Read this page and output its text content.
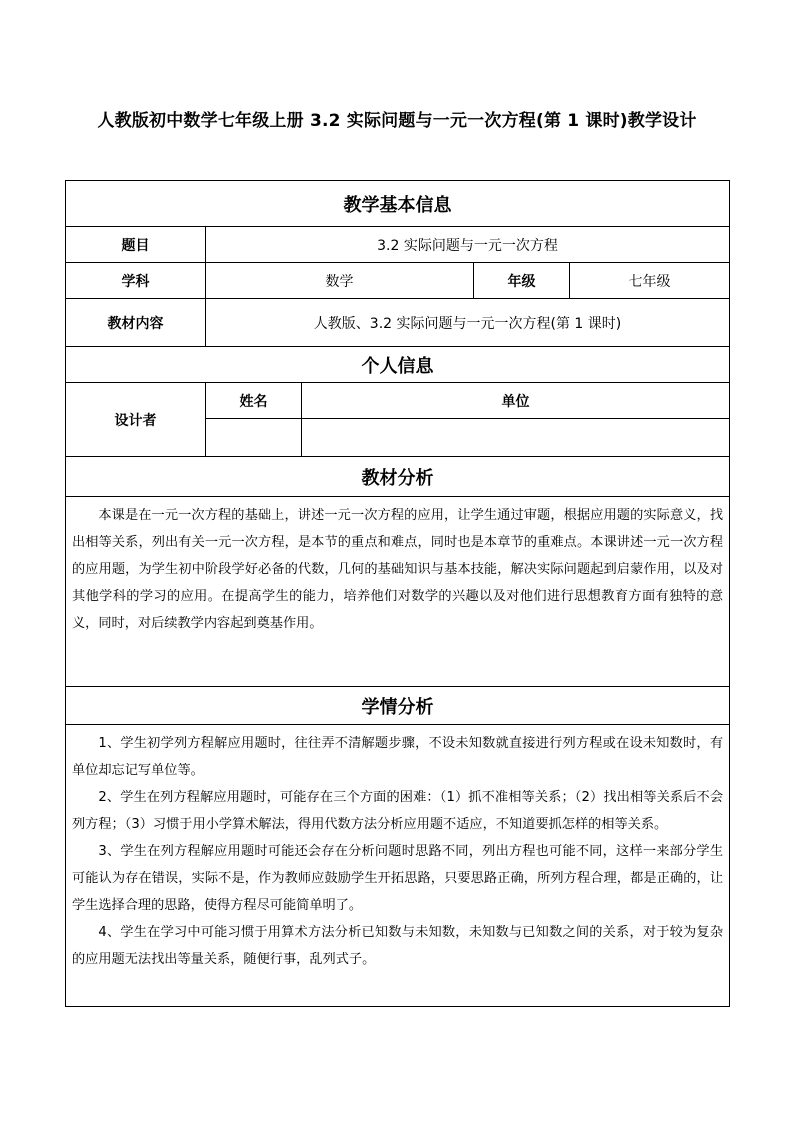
人教版初中数学七年级上册 3.2 实际问题与一元一次方程(第 1 课时)教学设计
教学基本信息				
题目	3.2 实际问题与一元一次方程			
学科	数学		年级	七年级
教材内容	人教版、3.2 实际问题与一元一次方程(第 1 课时)			
个人信息				
设计者	姓名	单位		

教材分析				

本课是在一元一次方程的基础上，讲述一元一次方程的应用，让学生通过审题，根据应用题的实际意义，找出相等关系，列出有关一元一次方程，是本节的重点和难点，同时也是本章节的重难点。本课讲述一元一次方程的应用题，为学生初中阶段学好必备的代数，几何的基础知识与基本技能，解决实际问题起到启蒙作用，以及对其他学科的学习的应用。在提高学生的能力，培养他们对数学的兴趣以及对他们进行思想教育方面有独特的意义，同时，对后续教学内容起到奠基作用。				

学情分析				

1、学生初学列方程解应用题时，往往弄不清解题步骤，不设未知数就直接进行列方程或在设未知数时，有单位却忘记写单位等。

2、学生在列方程解应用题时，可能存在三个方面的困难：（1）抓不准相等关系；（2）找出相等关系后不会列方程；（3）习惯于用小学算术解法，得用代数方法分析应用题不适应，不知道要抓怎样的相等关系。

3、学生在列方程解应用题时可能还会存在分析问题时思路不同，列出方程也可能不同，这样一来部分学生可能认为存在错误，实际不是，作为教师应鼓励学生开拓思路，只要思路正确，所列方程合理，都是正确的，让学生选择合理的思路，使得方程尽可能简单明了。

4、学生在学习中可能习惯于用算术方法分析已知数与未知数，未知数与已知数之间的关系，对于较为复杂的应用题无法找出等量关系，随便行事，乱列式子。				
